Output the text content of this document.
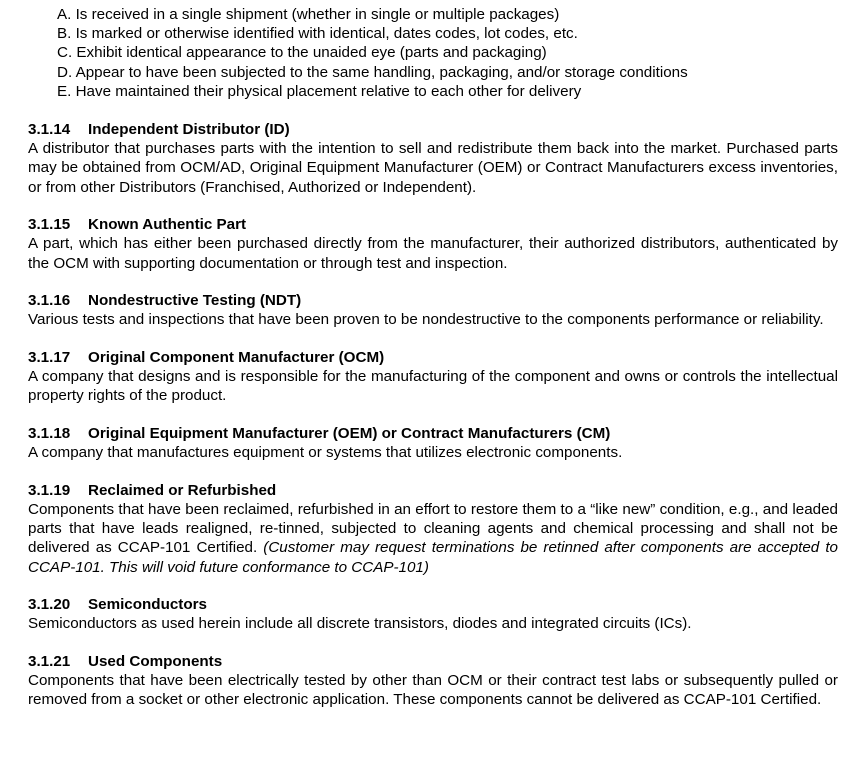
A. Is received in a single shipment (whether in single or multiple packages)
B. Is marked or otherwise identified with identical, dates codes, lot codes, etc.
C. Exhibit identical appearance to the unaided eye (parts and packaging)
D. Appear to have been subjected to the same handling, packaging, and/or storage conditions
E. Have maintained their physical placement relative to each other for delivery
3.1.14 Independent Distributor (ID)

A distributor that purchases parts with the intention to sell and redistribute them back into the market. Purchased parts may be obtained from OCM/AD, Original Equipment Manufacturer (OEM) or Contract Manufacturers excess inventories, or from other Distributors (Franchised, Authorized or Independent).

3.1.15 Known Authentic Part

A part, which has either been purchased directly from the manufacturer, their authorized distributors, authenticated by the OCM with supporting documentation or through test and inspection.

3.1.16 Nondestructive Testing (NDT)

Various tests and inspections that have been proven to be nondestructive to the components performance or reliability.

3.1.17 Original Component Manufacturer (OCM)

A company that designs and is responsible for the manufacturing of the component and owns or controls the intellectual property rights of the product.

3.1.18 Original Equipment Manufacturer (OEM) or Contract Manufacturers (CM)

A company that manufactures equipment or systems that utilizes electronic components.

3.1.19 Reclaimed or Refurbished

Components that have been reclaimed, refurbished in an effort to restore them to a “like new” condition, e.g., and leaded parts that have leads realigned, re-tinned, subjected to cleaning agents and chemical processing and shall not be delivered as CCAP-101 Certified. (Customer may request terminations be retinned after components are accepted to CCAP-101. This will void future conformance to CCAP-101)

3.1.20 Semiconductors

Semiconductors as used herein include all discrete transistors, diodes and integrated circuits (ICs).

3.1.21 Used Components

Components that have been electrically tested by other than OCM or their contract test labs or subsequently pulled or removed from a socket or other electronic application. These components cannot be delivered as CCAP-101 Certified.
